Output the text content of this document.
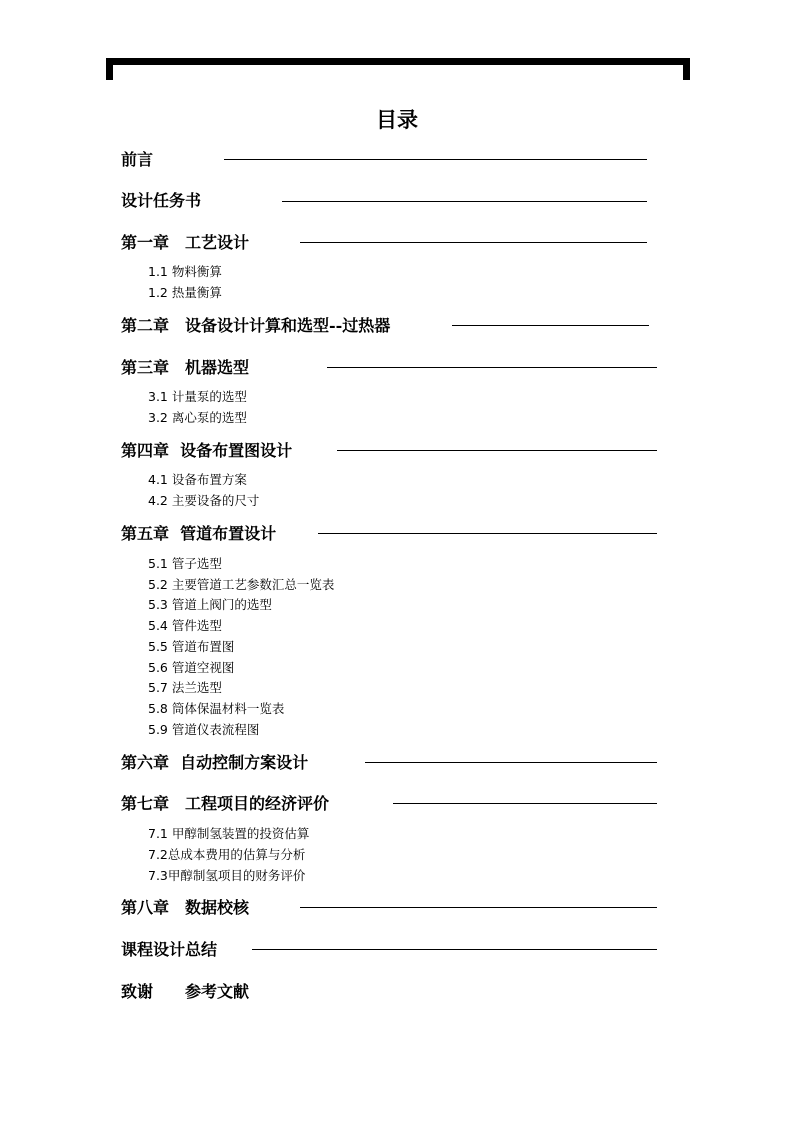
目录
前言
设计任务书
第一章　工艺设计
1.1 物料衡算
1.2 热量衡算
第二章　设备设计计算和选型--过热器
第三章　机器选型
3.1 计量泵的选型
3.2 离心泵的选型
第四章  设备布置图设计
4.1 设备布置方案
4.2 主要设备的尺寸
第五章  管道布置设计
5.1 管子选型
5.2 主要管道工艺参数汇总一览表
5.3 管道上阀门的选型
5.4 管件选型
5.5 管道布置图
5.6 管道空视图
5.7 法兰选型
5.8 筒体保温材料一览表
5.9 管道仪表流程图
第六章  自动控制方案设计
第七章　工程项目的经济评价
7.1 甲醇制氢装置的投资估算
7.2总成本费用的估算与分析
7.3甲醇制氢项目的财务评价
第八章　数据校核
课程设计总结
致谢　　参考文献
